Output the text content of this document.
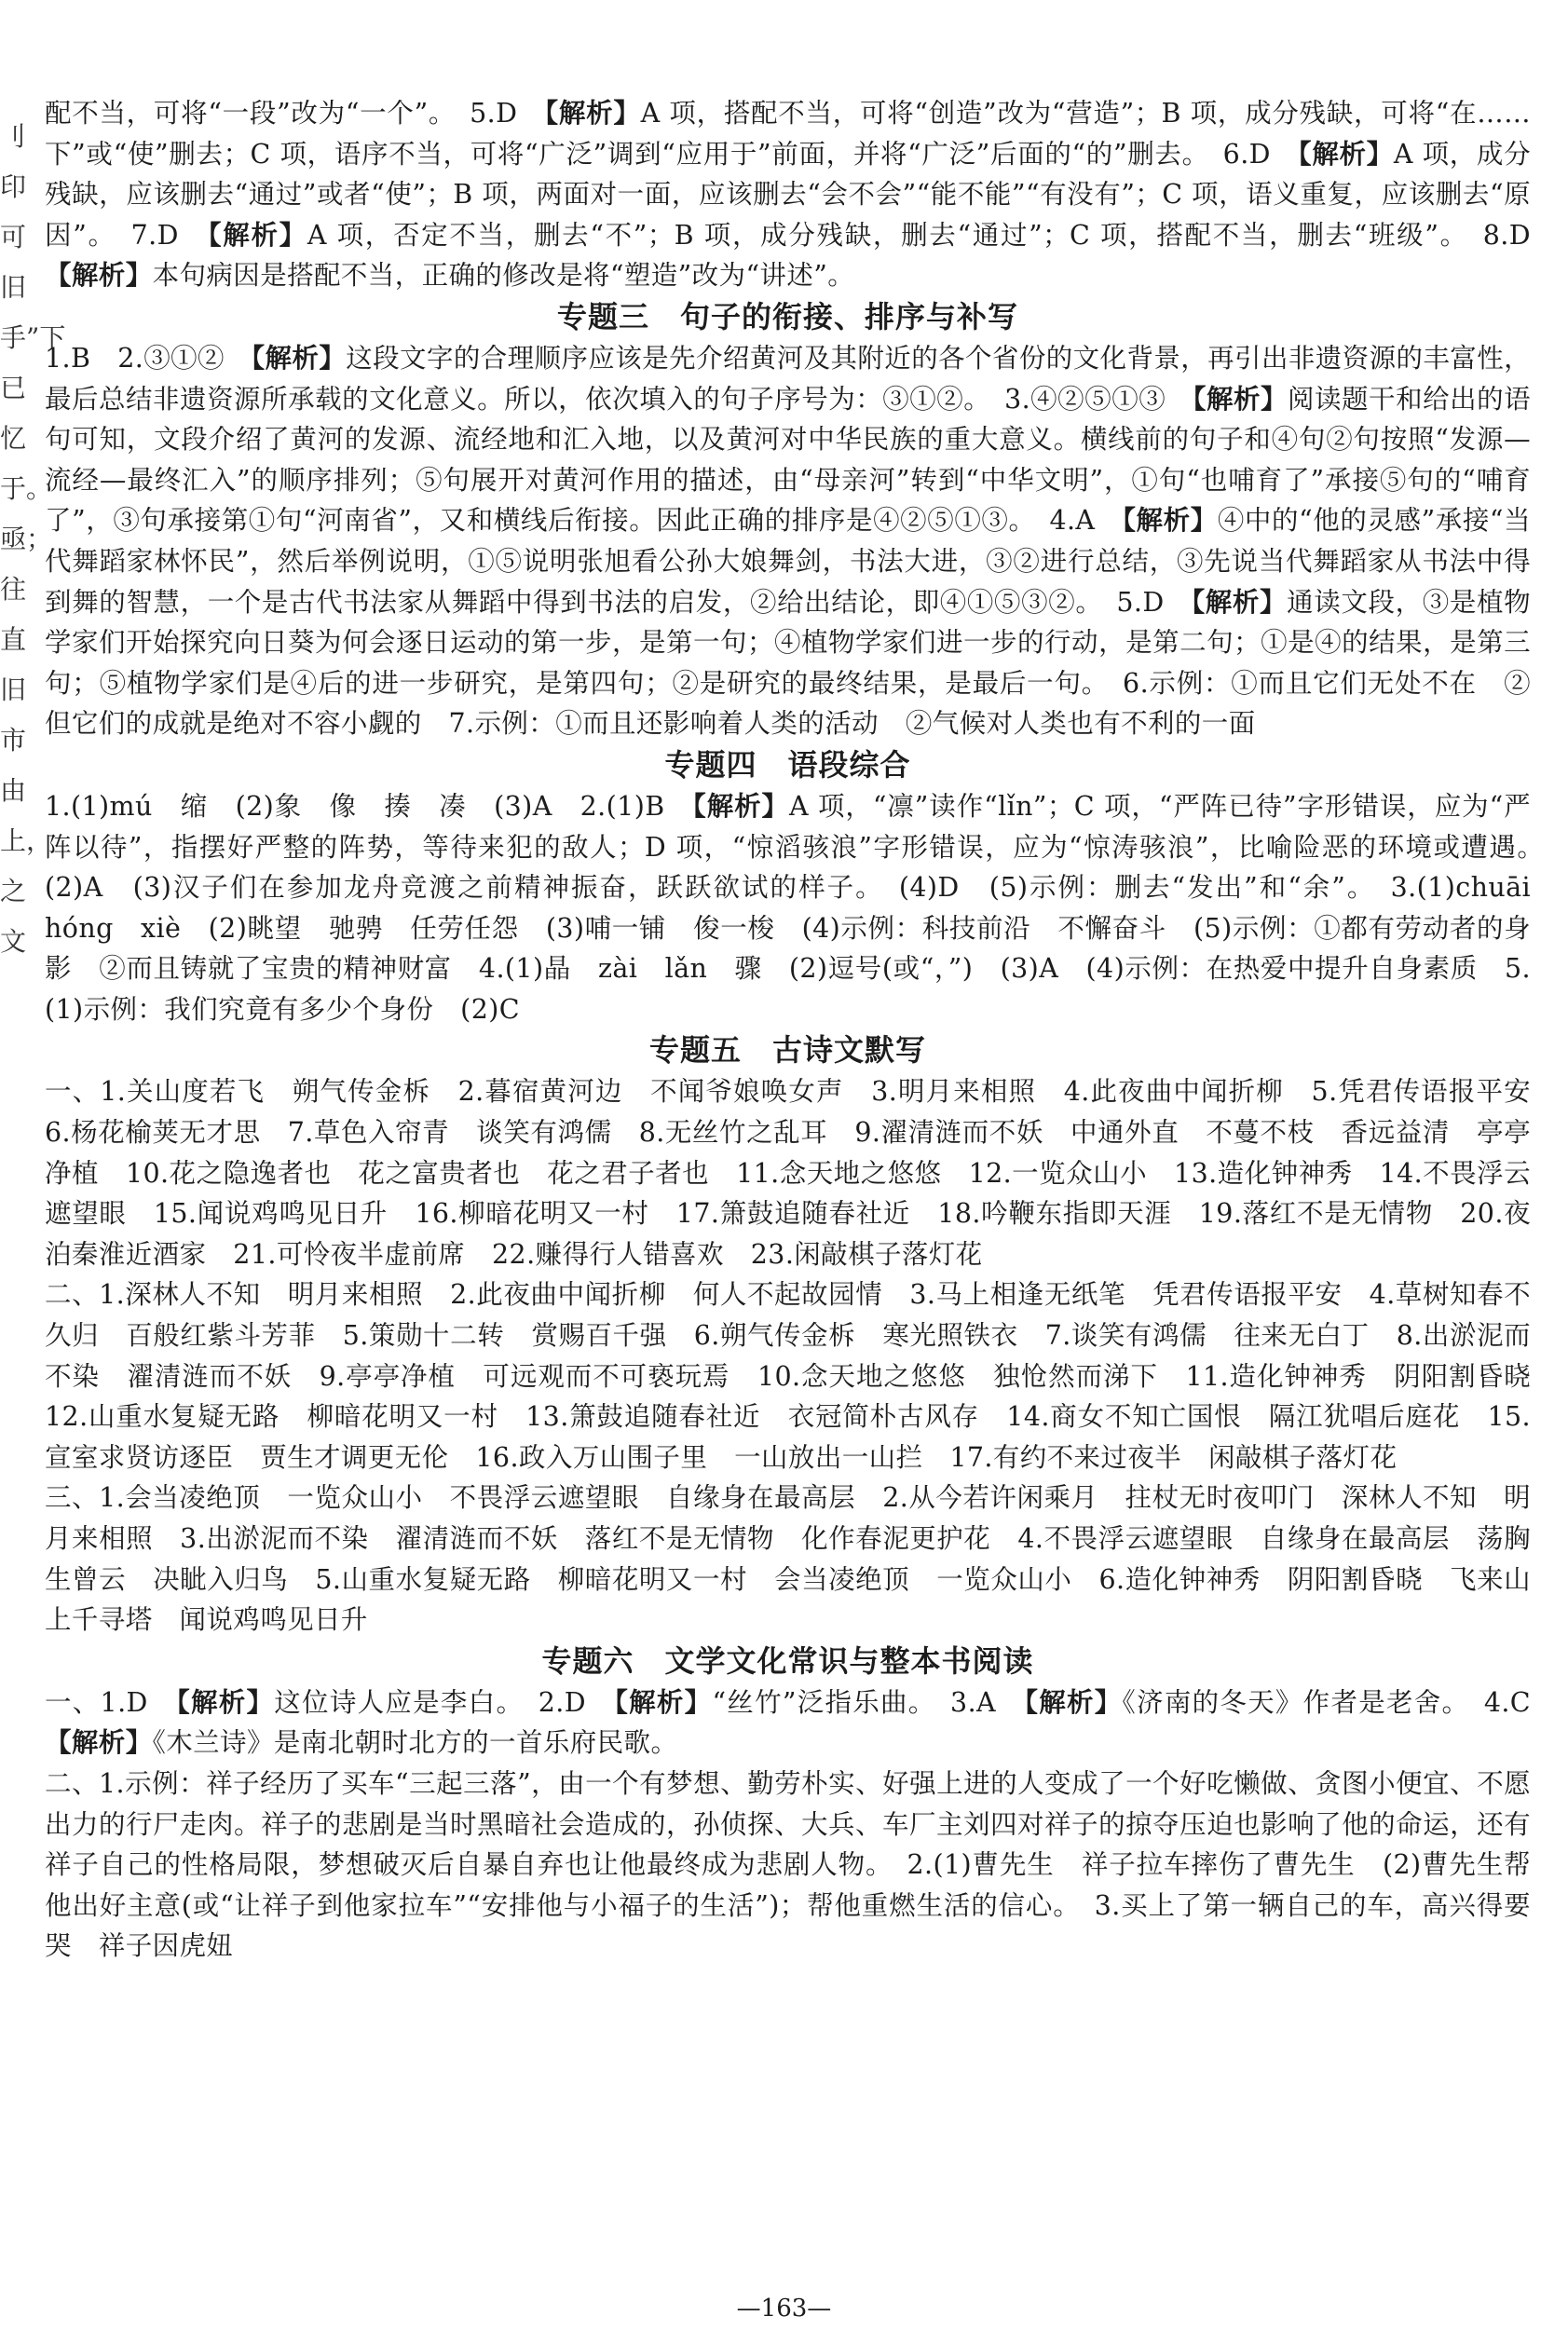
刂印可旧手”下已忆于。亟；往直旧市由上，之文

配不当，可将“一段”改为“一个”。　5.D　【解析】A 项，搭配不当，可将“创造”改为“营造”；B 项，成分残缺，可将“在……下”或“使”删去；C 项，语序不当，可将“广泛”调到“应用于”前面，并将“广泛”后面的“的”删去。　6.D　【解析】A 项，成分残缺，应该删去“通过”或者“使”；B 项，两面对一面，应该删去“会不会”“能不能”“有没有”；C 项，语义重复，应该删去“原因”。　7.D　【解析】A 项，否定不当，删去“不”；B 项，成分残缺，删去“通过”；C 项，搭配不当，删去“班级”。　8.D　【解析】本句病因是搭配不当，正确的修改是将“塑造”改为“讲述”。

专题三　句子的衔接、排序与补写

1.B　2.③①②　【解析】这段文字的合理顺序应该是先介绍黄河及其附近的各个省份的文化背景，再引出非遗资源的丰富性，最后总结非遗资源所承载的文化意义。所以，依次填入的句子序号为：③①②。　3.④②⑤①③　【解析】阅读题干和给出的语句可知，文段介绍了黄河的发源、流经地和汇入地，以及黄河对中华民族的重大意义。横线前的句子和④句②句按照“发源—流经—最终汇入”的顺序排列；⑤句展开对黄河作用的描述，由“母亲河”转到“中华文明”，①句“也哺育了”承接⑤句的“哺育了”，③句承接第①句“河南省”，又和横线后衔接。因此正确的排序是④②⑤①③。　4.A　【解析】④中的“他的灵感”承接“当代舞蹈家林怀民”，然后举例说明，①⑤说明张旭看公孙大娘舞剑，书法大进，③②进行总结，③先说当代舞蹈家从书法中得到舞的智慧，一个是古代书法家从舞蹈中得到书法的启发，②给出结论，即④①⑤③②。　5.D　【解析】通读文段，③是植物学家们开始探究向日葵为何会逐日运动的第一步，是第一句；④植物学家们进一步的行动，是第二句；①是④的结果，是第三句；⑤植物学家们是④后的进一步研究，是第四句；②是研究的最终结果，是最后一句。　6.示例：①而且它们无处不在　②但它们的成就是绝对不容小觑的　7.示例：①而且还影响着人类的活动　②气候对人类也有不利的一面

专题四　语段综合

1.(1)mú　缩　(2)象　像　揍　凑　(3)A　2.(1)B　【解析】A 项，“凛”读作“lǐn”；C 项，“严阵已待”字形错误，应为“严阵以待”，指摆好严整的阵势，等待来犯的敌人；D 项，“惊滔骇浪”字形错误，应为“惊涛骇浪”，比喻险恶的环境或遭遇。　(2)A　(3)汉子们在参加龙舟竞渡之前精神振奋，跃跃欲试的样子。　(4)D　(5)示例：删去“发出”和“余”。　3.(1)chuāi　hóng　xiè　(2)眺望　驰骋　任劳任怨　(3)哺一铺　俊一梭　(4)示例：科技前沿　不懈奋斗　(5)示例：①都有劳动者的身影　②而且铸就了宝贵的精神财富　4.(1)晶　zài　lǎn　骤　(2)逗号(或“，”)　(3)A　(4)示例：在热爱中提升自身素质　5.(1)示例：我们究竟有多少个身份　(2)C

专题五　古诗文默写

一、1.关山度若飞　朔气传金柝　2.暮宿黄河边　不闻爷娘唤女声　3.明月来相照　4.此夜曲中闻折柳　5.凭君传语报平安　6.杨花榆荚无才思　7.草色入帘青　谈笑有鸿儒　8.无丝竹之乱耳　9.濯清涟而不妖　中通外直　不蔓不枝　香远益清　亭亭净植　10.花之隐逸者也　花之富贵者也　花之君子者也　11.念天地之悠悠　12.一览众山小　13.造化钟神秀　14.不畏浮云遮望眼　15.闻说鸡鸣见日升　16.柳暗花明又一村　17.箫鼓追随春社近　18.吟鞭东指即天涯　19.落红不是无情物　20.夜泊秦淮近酒家　21.可怜夜半虚前席　22.赚得行人错喜欢　23.闲敲棋子落灯花

二、1.深林人不知　明月来相照　2.此夜曲中闻折柳　何人不起故园情　3.马上相逢无纸笔　凭君传语报平安　4.草树知春不久归　百般红紫斗芳菲　5.策勋十二转　赏赐百千强　6.朔气传金柝　寒光照铁衣　7.谈笑有鸿儒　往来无白丁　8.出淤泥而不染　濯清涟而不妖　9.亭亭净植　可远观而不可亵玩焉　10.念天地之悠悠　独怆然而涕下　11.造化钟神秀　阴阳割昏晓　12.山重水复疑无路　柳暗花明又一村　13.箫鼓追随春社近　衣冠简朴古风存　14.商女不知亡国恨　隔江犹唱后庭花　15.宣室求贤访逐臣　贾生才调更无伦　16.政入万山围子里　一山放出一山拦　17.有约不来过夜半　闲敲棋子落灯花

三、1.会当凌绝顶　一览众山小　不畏浮云遮望眼　自缘身在最高层　2.从今若许闲乘月　拄杖无时夜叩门　深林人不知　明月来相照　3.出淤泥而不染　濯清涟而不妖　落红不是无情物　化作春泥更护花　4.不畏浮云遮望眼　自缘身在最高层　荡胸生曾云　决眦入归鸟　5.山重水复疑无路　柳暗花明又一村　会当凌绝顶　一览众山小　6.造化钟神秀　阴阳割昏晓　飞来山上千寻塔　闻说鸡鸣见日升

专题六　文学文化常识与整本书阅读

一、1.D　【解析】这位诗人应是李白。　2.D　【解析】“丝竹”泛指乐曲。　3.A　【解析】《济南的冬天》作者是老舍。　4.C　【解析】《木兰诗》是南北朝时北方的一首乐府民歌。

二、1.示例：祥子经历了买车“三起三落”，由一个有梦想、勤劳朴实、好强上进的人变成了一个好吃懒做、贪图小便宜、不愿出力的行尸走肉。祥子的悲剧是当时黑暗社会造成的，孙侦探、大兵、车厂主刘四对祥子的掠夺压迫也影响了他的命运，还有祥子自己的性格局限，梦想破灭后自暴自弃也让他最终成为悲剧人物。　2.(1)曹先生　祥子拉车摔伤了曹先生　(2)曹先生帮他出好主意(或“让祥子到他家拉车”“安排他与小福子的生活”)；帮他重燃生活的信心。　3.买上了第一辆自己的车，高兴得要哭　祥子因虎妞

—163—
